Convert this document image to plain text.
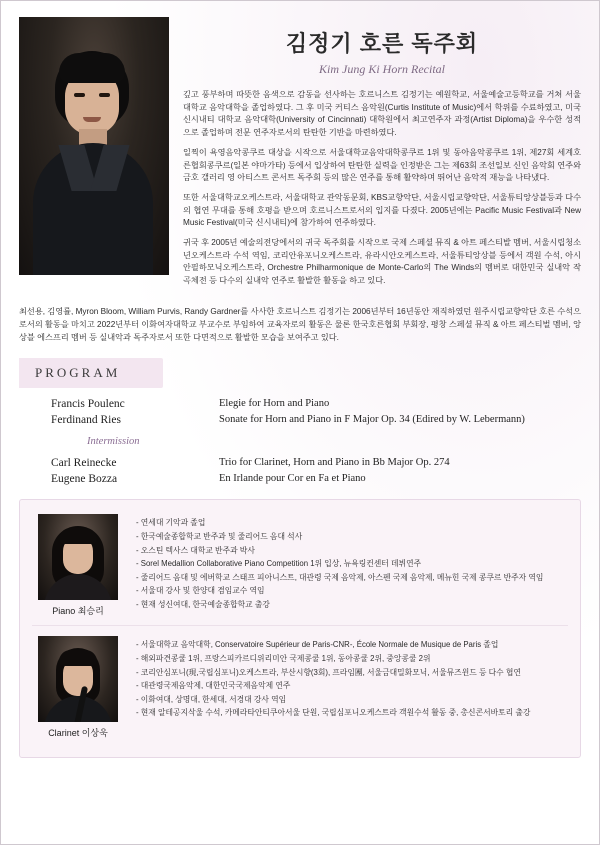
김정기 호른 독주회
Kim Jung Ki Horn Recital

깊고 풍부하며 따뜻한 음색으로 감동을 선사하는 호르니스트 김정기는 예원학교, 서울예술고등학교를 거쳐 서울대학교 음악대학을 졸업하였다. 그 후 미국 커티스 음악원(Curtis Institute of Music)에서 학위를 수료하였고, 미국 신시내티 대학교 음악대학(University of Cincinnati) 대학원에서 최고연주자 과정(Artist Diploma)을 우수한 성적으로 졸업하며 전문 연주자로서의 탄탄한 기반을 마련하였다.

일찍이 욕영음악콩쿠르 대상을 시작으로 서울대학교음악대학콩쿠르 1위 및 동아음악콩쿠르 1위, 제27회 세계호른협회콩쿠르(일본 야마가타) 등에서 입상하여 탄탄한 실력을 인정받은 그는 제63회 조선일보 신인 음악회 연주와 금호 갤러리 영 아티스트 콘서트 독주회 등의 많은 연주를 통해 활약하며 뛰어난 음악적 재능을 나타냈다.

또한 서울대학교오케스트라, 서울대학교 관악동문회, KBS교향악단, 서울시립교향악단, 서울튜티앙상블등과 다수의 협연 무대를 통해 호평을 받으며 호르니스트로서의 입지를 다졌다. 2005년에는 Pacific Music Festival과 New Music Festival(미국 신시내티)에 참가하여 연주하였다.

귀국 후 2005년 예술의전당에서의 귀국 독주회를 시작으로 국제 스페셜 뮤직 & 아트 페스티발 멤버, 서울시립청소년오케스트라 수석 역임, 코리안유포니오케스트라, 유라시안오케스트라, 서울튜티앙상블 등에서 객원 수석, 아시안필하모닉오케스트라, Orchestre Philharmonique de Monte-Carlo의 The Winds의 멤버로 대한민국 실내악 작곡체전 등 다수의 실내악 연주로 활발한 활동을 하고 있다.

최선용, 김영률, Myron Bloom, William Purvis, Randy Gardner를 사사한 호르니스트 김정기는 2006년부터 16년동안 재직하였던 원주시립교향악단 호른 수석으로서의 활동을 마치고 2022년부터 이화여자대학교 부교수로 부임하여 교육자로의 활동은 물론 한국호른협회 부회장, 평창 스페셜 뮤직 & 아트 페스티벌 멤버, 앙상블 에스프리 멤버 등 실내악과 독주자로서 또한 다면적으로 활발한 모습을 보여주고 있다.

PROGRAM
Francis Poulenc	Elegie for Horn and Piano
Ferdinand Ries	Sonate for Horn and Piano in F Major Op. 34 (Edired by W. Lebermann)
Intermission
Carl Reinecke	Trio for Clarinet, Horn and Piano in Bb Major Op. 274
Eugene Bozza	En Irlande pour Cor en Fa et Piano
Piano 최승리
- 연세대 기악과 졸업
- 한국예술종합학교 반주과 및 줄리어드 음대 석사
- 오스틴 텍사스 대학교 반주과 박사
- Sorel Medallion Collaborative Piano Competition 1위 입상, 뉴욕링컨센터 데뷔연주
- 줄리어드 음대 및 에버학교 스태프 피아니스트, 대관령 국제 음악제, 아스펜 국제 음악제, 메뉴힌 국제 콩쿠르 반주자 역임
- 서울대 강사 및 한양대 겸임교수 역임
- 현재 성신여대, 한국예술종합학교 출강
Clarinet 이상욱
- 서울대학교 음악대학, Conservatoire Supérieur de Paris-CNR-, École Normale de Musique de Paris 졸업
- 해외파견콩쿨 1위, 프랑스피카르디위리미안 국제콩쿨 1위, 동아콩쿨 2위, 중앙콩쿨 2위
- 코리안심포니(現,국립심포니)오케스트라, 부산시향(3회), 프라임團, 서울금대밀화모닉, 서울뮤즈윈드 등 다수 협연
- 대관령국제음악제, 대한민국국제음악제 연주
- 이화여대, 상명대, 한세대, 서경대 강사 역임
- 현재 알테공지삭울 수석, 카메라타안티쿠아서울 단원, 국립심포니오케스트라 객원수석 활동 중, 총신콘서바토리 출강
